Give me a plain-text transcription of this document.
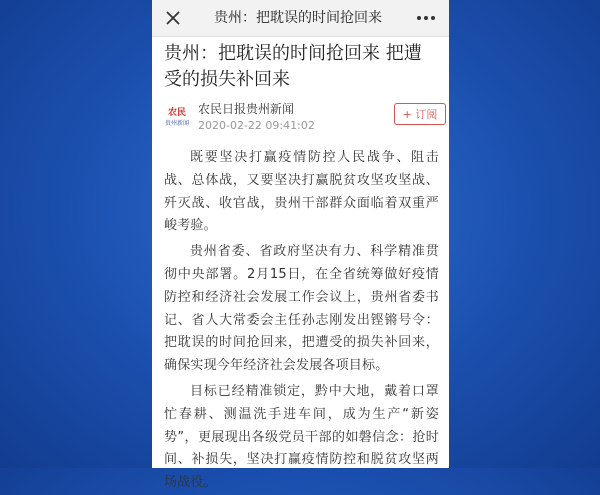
贵州：把耽误的时间抢回来
贵州：把耽误的时间抢回来 把遭受的损失补回来
农民
贵州新闻
农民日报贵州新闻
2020-02-22 09:41:02
+ 订阅

既要坚决打赢疫情防控人民战争、阻击战、总体战，又要坚决打赢脱贫攻坚攻坚战、歼灭战、收官战，贵州干部群众面临着双重严峻考验。

贵州省委、省政府坚决有力、科学精准贯彻中央部署。2月15日，在全省统筹做好疫情防控和经济社会发展工作会议上，贵州省委书记、省人大常委会主任孙志刚发出铿锵号令：把耽误的时间抢回来，把遭受的损失补回来，确保实现今年经济社会发展各项目标。

目标已经精准锁定，黔中大地，戴着口罩忙春耕、测温洗手进车间，成为生产“新姿势”，更展现出各级党员干部的如磐信念：抢时间、补损失，坚决打赢疫情防控和脱贫攻坚两场战役。
